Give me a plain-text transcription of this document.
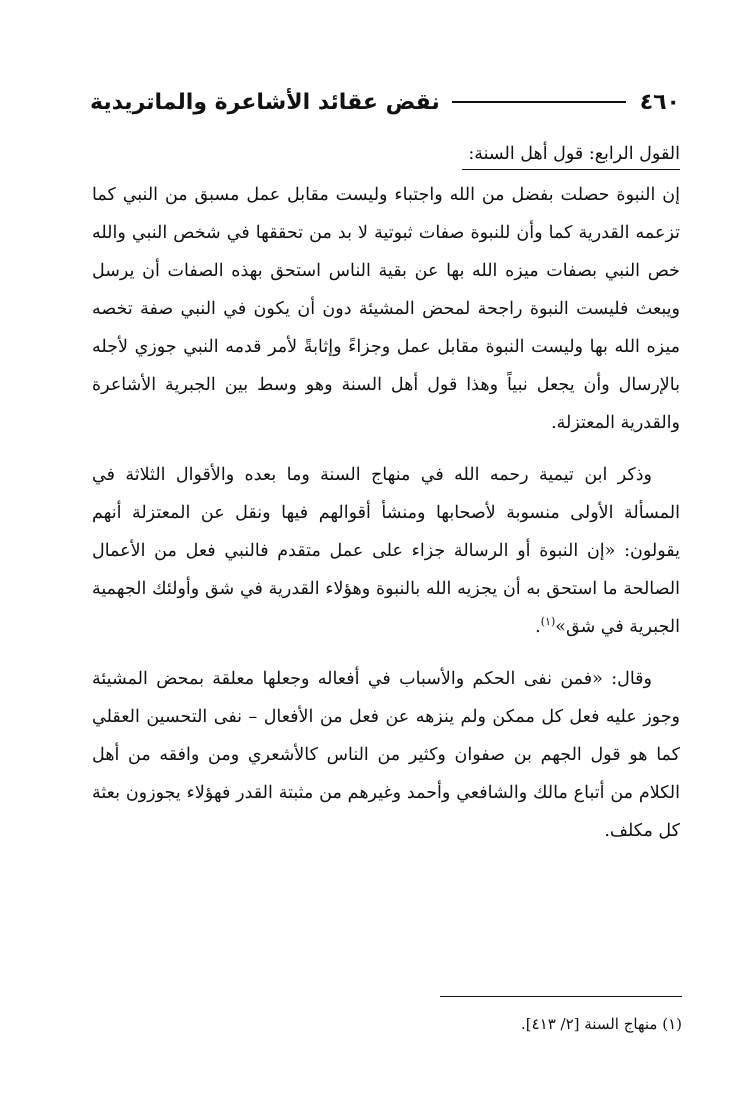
٤٦٠
نقض عقائد الأشاعرة والماتريدية
القول الرابع: قول أهل السنة:

إن النبوة حصلت بفضل من الله واجتباء وليست مقابل عمل مسبق من النبي كما تزعمه القدرية كما وأن للنبوة صفات ثبوتية لا بد من تحققها في شخص النبي والله خص النبي بصفات ميزه الله بها عن بقية الناس استحق بهذه الصفات أن يرسل ويبعث فليست النبوة راجحة لمحض المشيئة دون أن يكون في النبي صفة تخصه ميزه الله بها وليست النبوة مقابل عمل وجزاءً وإثابةً لأمر قدمه النبي جوزي لأجله بالإرسال وأن يجعل نبياً وهذا قول أهل السنة وهو وسط بين الجبرية الأشاعرة والقدرية المعتزلة.

وذكر ابن تيمية رحمه الله في منهاج السنة وما بعده والأقوال الثلاثة في المسألة الأولى منسوبة لأصحابها ومنشأ أقوالهم فيها ونقل عن المعتزلة أنهم يقولون: «إن النبوة أو الرسالة جزاء على عمل متقدم فالنبي فعل من الأعمال الصالحة ما استحق به أن يجزيه الله بالنبوة وهؤلاء القدرية في شق وأولئك الجهمية الجبرية في شق»$^{(١)}$.

وقال: «فمن نفى الحكم والأسباب في أفعاله وجعلها معلقة بمحض المشيئة وجوز عليه فعل كل ممكن ولم ينزهه عن فعل من الأفعال – نفى التحسين العقلي كما هو قول الجهم بن صفوان وكثير من الناس كالأشعري ومن وافقه من أهل الكلام من أتباع مالك والشافعي وأحمد وغيرهم من مثبتة القدر فهؤلاء يجوزون بعثة كل مكلف.

(١) منهاج السنة [٢/ ٤١٣].
